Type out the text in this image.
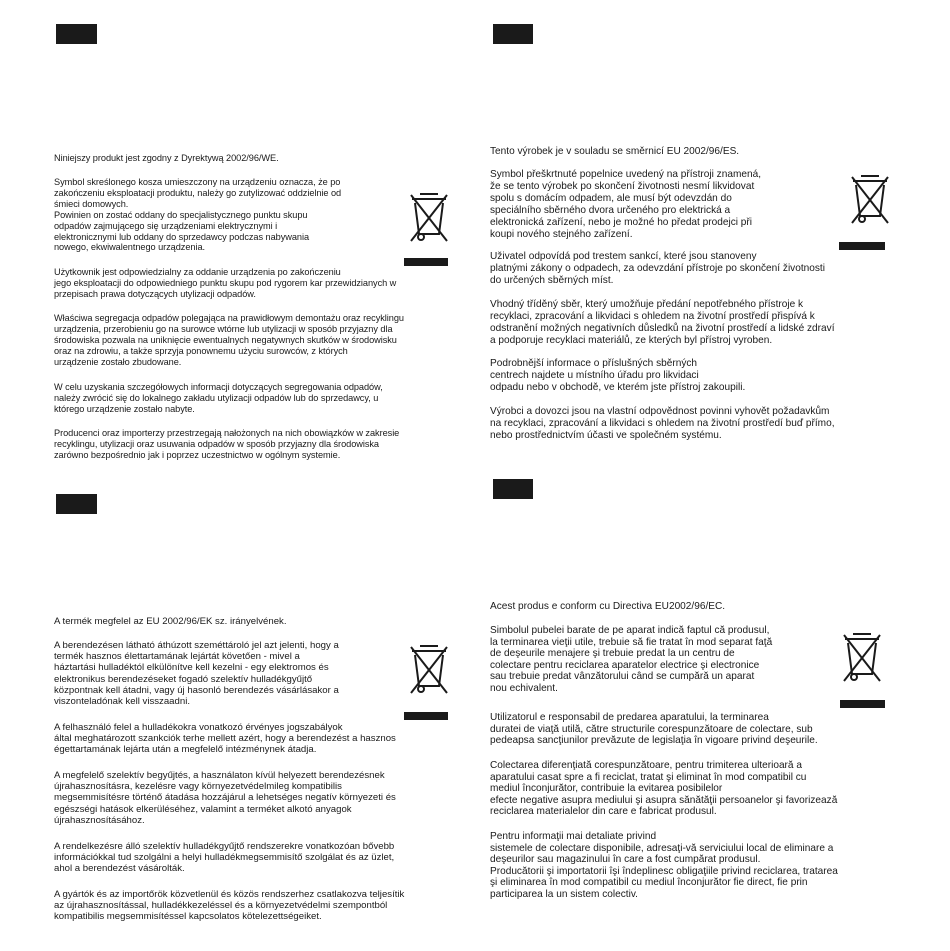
Niniejszy produkt jest zgodny z Dyrektywą 2002/96/WE.

Symbol skreślonego kosza umieszczony na urządzeniu oznacza, że po
zakończeniu eksploatacji produktu, należy go zutylizować oddzielnie od
śmieci domowych.
Powinien on zostać oddany do specjalistycznego punktu skupu
odpadów zajmującego się urządzeniami elektrycznymi i
elektronicznymi lub oddany do sprzedawcy podczas nabywania
nowego, ekwiwalentnego urządzenia.

Użytkownik jest odpowiedzialny za oddanie urządzenia po zakończeniu
jego eksploatacji do odpowiedniego punktu skupu pod rygorem kar przewidzianych w
przepisach prawa dotyczących utylizacji odpadów.

Właściwa segregacja odpadów polegająca na prawidłowym demontażu oraz recyklingu
urządzenia, przerobieniu go na surowce wtórne lub utylizacji w sposób przyjazny dla
środowiska pozwala na uniknięcie ewentualnych negatywnych skutków w środowisku
oraz na zdrowiu, a także sprzyja ponownemu użyciu surowców, z których
urządzenie zostało zbudowane.

W celu uzyskania szczegółowych informacji dotyczących segregowania odpadów,
należy zwrócić się do lokalnego zakładu utylizacji odpadów lub do sprzedawcy, u
którego urządzenie zostało nabyte.

Producenci oraz importerzy przestrzegają nałożonych na nich obowiązków w zakresie
recyklingu, utylizacji oraz usuwania odpadów w sposób przyjazny dla środowiska
zarówno bezpośrednio jak i poprzez uczestnictwo w ogólnym systemie.

Tento výrobek je v souladu se směrnicí EU 2002/96/ES.

Symbol přeškrtnuté popelnice uvedený na přístroji znamená,
že se tento výrobek po skončení životnosti nesmí likvidovat
spolu s domácím odpadem, ale musí být odevzdán do
speciálního sběrného dvora určeného pro elektrická a
elektronická zařízení, nebo je možné ho předat prodejci při
koupi nového stejného zařízení.

Uživatel odpovídá pod trestem sankcí, které jsou stanoveny
platnými zákony o odpadech, za odevzdání přístroje po skončení životnosti
do určených sběrných míst.

Vhodný tříděný sběr, který umožňuje předání nepotřebného přístroje k
recyklaci, zpracování a likvidaci s ohledem na životní prostředí přispívá k
odstranění možných negativních důsledků na životní prostředí a lidské zdraví
a podporuje recyklaci materiálů, ze kterých byl přístroj vyroben.

Podrobnější informace o příslušných sběrných
centrech najdete u místního úřadu pro likvidaci
odpadu nebo v obchodě, ve kterém jste přístroj zakoupili.

Výrobci a dovozci jsou na vlastní odpovědnost povinni vyhovět požadavkům
na recyklaci, zpracování a likvidaci s ohledem na životní prostředí buď přímo,
nebo prostřednictvím účasti ve společném systému.

A termék megfelel az EU 2002/96/EK sz. irányelvének.

A berendezésen látható áthúzott szeméttároló jel azt jelenti, hogy a
termék hasznos élettartamának lejártát követően - mivel a
háztartási hulladéktól elkülönítve kell kezelni - egy elektromos és
elektronikus berendezéseket fogadó szelektív hulladékgyűjtő
központnak kell átadni, vagy új hasonló berendezés vásárlásakor a
viszonteladónak kell visszaadni.

A felhasználó felel a hulladékokra vonatkozó érvényes jogszabályok
által meghatározott szankciók terhe mellett azért, hogy a berendezést a hasznos
égettartamának lejárta után a megfelelő intézménynek átadja.

A megfelelő szelektív begyűjtés, a használaton kívül helyezett berendezésnek
újrahasznosításra, kezelésre vagy környezetvédelmileg kompatibilis
megsemmisítésre történő átadása hozzájárul a lehetséges negatív környezeti és
egészségi hatások elkerüléséhez, valamint a terméket alkotó anyagok
újrahasznosításához.

A rendelkezésre álló szelektív hulladékgyűjtő rendszerekre vonatkozóan bővebb
információkkal tud szolgálni a helyi hulladékmegsemmisítő szolgálat és az üzlet,
ahol a berendezést vásárolták.

A gyártók és az importőrök közvetlenül és közös rendszerhez csatlakozva teljesítik
az újrahasznosítással, hulladékkezeléssel és a környezetvédelmi szempontból
kompatibilis megsemmisítéssel kapcsolatos kötelezettségeiket.

Acest produs e conform cu Directiva EU2002/96/EC.

Simbolul pubelei barate de pe aparat indică faptul că produsul,
la terminarea vieţii utile, trebuie să fie tratat în mod separat faţă
de deşeurile menajere şi trebuie predat la un centru de
colectare pentru reciclarea aparatelor electrice şi electronice
sau trebuie predat vânzătorului când se cumpără un aparat
nou echivalent.

Utilizatorul e responsabil de predarea aparatului, la terminarea
duratei de viaţă utilă, către structurile corespunzătoare de colectare, sub
pedeapsa sancţiunilor prevăzute de legislaţia în vigoare privind deşeurile.

Colectarea diferenţiată corespunzătoare, pentru trimiterea ulterioară a
aparatului casat spre a fi reciclat, tratat şi eliminat în mod compatibil cu
mediul înconjurător, contribuie la evitarea posibilelor
efecte negative asupra mediului şi asupra sănătăţii persoanelor şi favorizează
reciclarea materialelor din care e fabricat produsul.

Pentru informaţii mai detaliate privind
sistemele de colectare disponibile, adresaţi-vă serviciului local de eliminare a
deşeurilor sau magazinului în care a fost cumpărat produsul.
Producătorii şi importatorii îşi îndeplinesc obligaţiile privind reciclarea, tratarea
şi eliminarea în mod compatibil cu mediul înconjurător fie direct, fie prin
participarea la un sistem colectiv.
